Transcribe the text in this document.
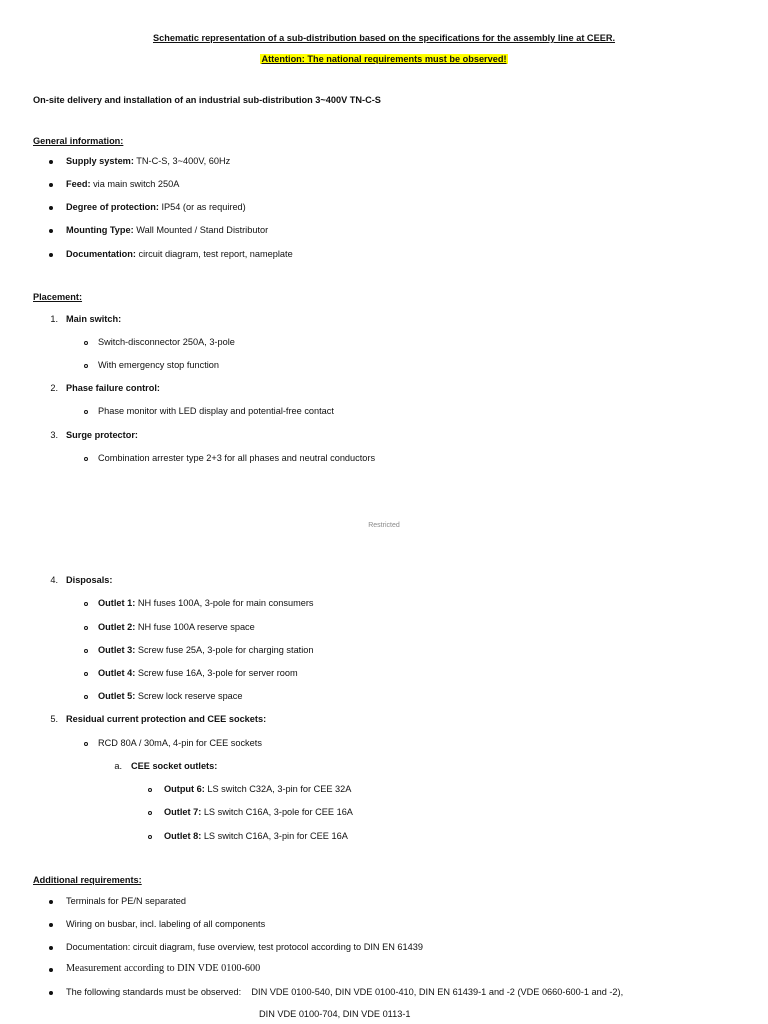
Schematic representation of a sub-distribution based on the specifications for the assembly line at CEER.
Attention: The national requirements must be observed!
On-site delivery and installation of an industrial sub-distribution 3~400V TN-C-S
General information:
Supply system: TN-C-S, 3~400V, 60Hz
Feed: via main switch 250A
Degree of protection: IP54 (or as required)
Mounting Type: Wall Mounted / Stand Distributor
Documentation: circuit diagram, test report, nameplate
Placement:
1. Main switch:
Switch-disconnector 250A, 3-pole
With emergency stop function
2. Phase failure control:
Phase monitor with LED display and potential-free contact
3. Surge protector:
Combination arrester type 2+3 for all phases and neutral conductors
Restricted
4. Disposals:
Outlet 1: NH fuses 100A, 3-pole for main consumers
Outlet 2: NH fuse 100A reserve space
Outlet 3: Screw fuse 25A, 3-pole for charging station
Outlet 4: Screw fuse 16A, 3-pole for server room
Outlet 5: Screw lock reserve space
5. Residual current protection and CEE sockets:
RCD 80A / 30mA, 4-pin for CEE sockets
a. CEE socket outlets:
Output 6: LS switch C32A, 3-pin for CEE 32A
Outlet 7: LS switch C16A, 3-pole for CEE 16A
Outlet 8: LS switch C16A, 3-pin for CEE 16A
Additional requirements:
Terminals for PE/N separated
Wiring on busbar, incl. labeling of all components
Documentation: circuit diagram, fuse overview, test protocol according to DIN EN 61439
Measurement according to DIN VDE 0100-600
The following standards must be observed:    DIN VDE 0100-540, DIN VDE 0100-410, DIN EN 61439-1 and -2 (VDE 0660-600-1 and -2),
DIN VDE 0100-704, DIN VDE 0113-1
